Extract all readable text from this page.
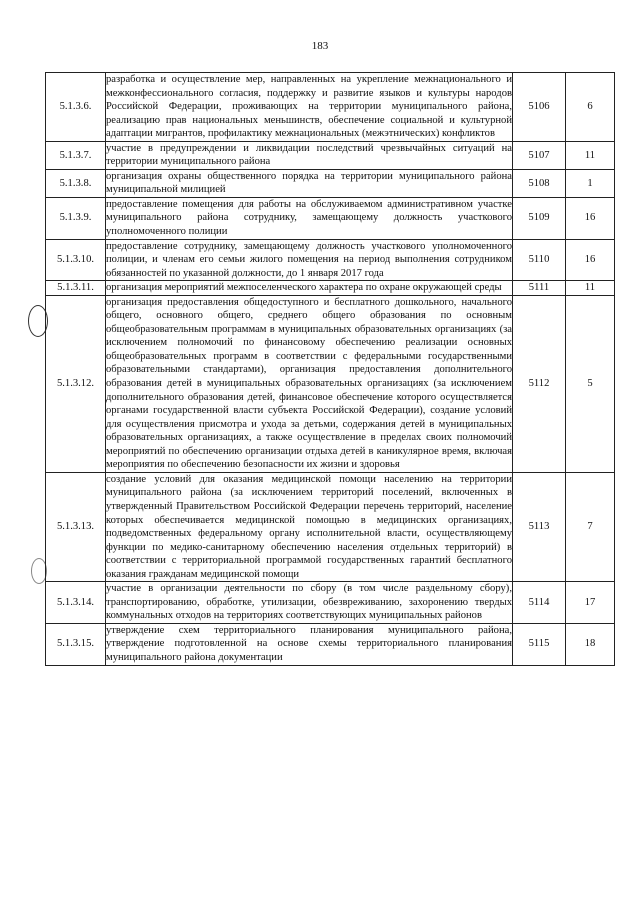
183
5.1.3.6.	разработка и осуществление мер, направленных на укрепление межнационального и межконфессионального согласия, поддержку и развитие языков и культуры народов Российской Федерации, проживающих на территории муниципального района, реализацию прав национальных меньшинств, обеспечение социальной и культурной адаптации мигрантов, профилактику межнациональных (межэтнических) конфликтов	5106	6
5.1.3.7.	участие в предупреждении и ликвидации последствий чрезвычайных ситуаций на территории муниципального района	5107	11
5.1.3.8.	организация охраны общественного порядка на территории муниципального района муниципальной милицией	5108	1
5.1.3.9.	предоставление помещения для работы на обслуживаемом административном участке муниципального района сотруднику, замещающему должность участкового уполномоченного полиции	5109	16
5.1.3.10.	предоставление сотруднику, замещающему должность участкового уполномоченного полиции, и членам его семьи жилого помещения на период выполнения сотрудником обязанностей по указанной должности, до 1 января 2017 года	5110	16
5.1.3.11.	организация мероприятий межпоселенческого характера по охране окружающей среды	5111	11
5.1.3.12.	организация предоставления общедоступного и бесплатного дошкольного, начального общего, основного общего, среднего общего образования по основным общеобразовательным программам в муниципальных образовательных организациях (за исключением полномочий по финансовому обеспечению реализации основных общеобразовательных программ в соответствии с федеральными государственными образовательными стандартами), организация предоставления дополнительного образования детей в муниципальных образовательных организациях (за исключением дополнительного образования детей, финансовое обеспечение которого осуществляется органами государственной власти субъекта Российской Федерации), создание условий для осуществления присмотра и ухода за детьми, содержания детей в муниципальных образовательных организациях, а также осуществление в пределах своих полномочий мероприятий по обеспечению организации отдыха детей в каникулярное время, включая мероприятия по обеспечению безопасности их жизни и здоровья	5112	5
5.1.3.13.	создание условий для оказания медицинской помощи населению на территории муниципального района (за исключением территорий поселений, включенных в утвержденный Правительством Российской Федерации перечень территорий, население которых обеспечивается медицинской помощью в медицинских организациях, подведомственных федеральному органу исполнительной власти, осуществляющему функции по медико-санитарному обеспечению населения отдельных территорий) в соответствии с территориальной программой государственных гарантий бесплатного оказания гражданам медицинской помощи	5113	7
5.1.3.14.	участие в организации деятельности по сбору (в том числе раздельному сбору), транспортированию, обработке, утилизации, обезвреживанию, захоронению твердых коммунальных отходов на территориях соответствующих муниципальных районов	5114	17
5.1.3.15.	утверждение схем территориального планирования муниципального района, утверждение подготовленной на основе схемы территориального планирования муниципального района документации	5115	18
